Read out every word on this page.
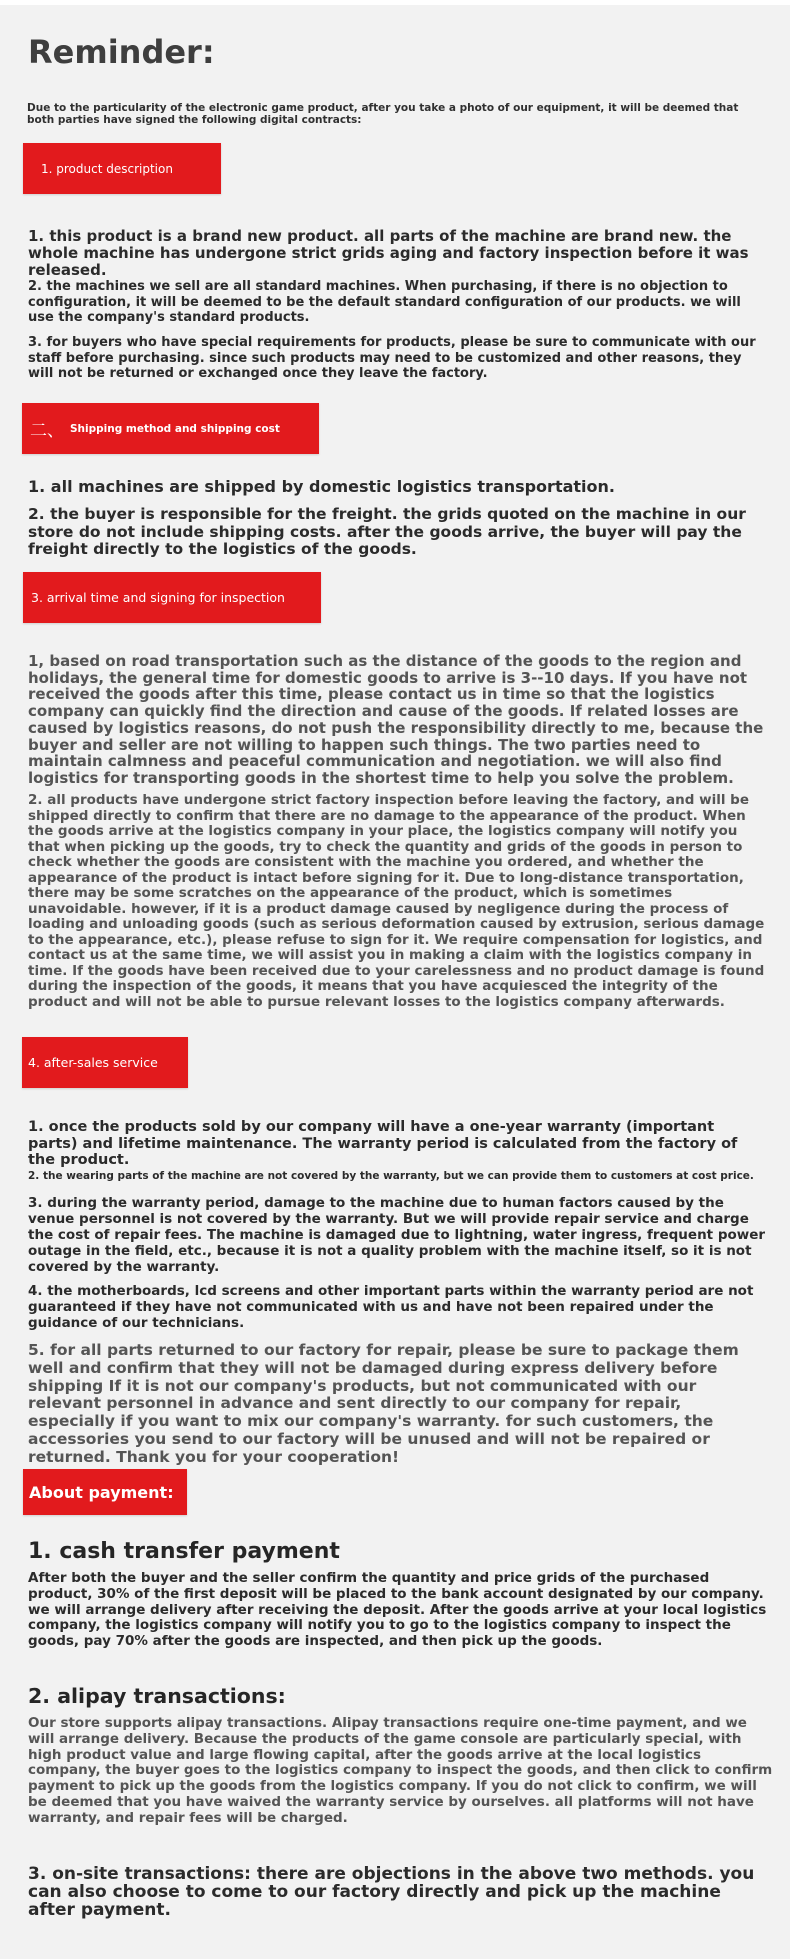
Reminder:

Due to the particularity of the electronic game product, after you take a photo of our equipment, it will be deemed that both parties have signed the following digital contracts:

1. product description

1. this product is a brand new product. all parts of the machine are brand new. the whole machine has undergone strict grids aging and factory inspection before it was released.

2. the machines we sell are all standard machines. When purchasing, if there is no objection to configuration, it will be deemed to be the default standard configuration of our products. we will use the company's standard products.

3. for buyers who have special requirements for products, please be sure to communicate with our staff before purchasing. since such products may need to be customized and other reasons, they will not be returned or exchanged once they leave the factory.

二、 Shipping method and shipping cost

1. all machines are shipped by domestic logistics transportation.

2. the buyer is responsible for the freight. the grids quoted on the machine in our store do not include shipping costs. after the goods arrive, the buyer will pay the freight directly to the logistics of the goods.

3. arrival time and signing for inspection

1, based on road transportation such as the distance of the goods to the region and holidays, the general time for domestic goods to arrive is 3--10 days. If you have not received the goods after this time, please contact us in time so that the logistics company can quickly find the direction and cause of the goods. If related losses are caused by logistics reasons, do not push the responsibility directly to me, because the buyer and seller are not willing to happen such things. The two parties need to maintain calmness and peaceful communication and negotiation. we will also find logistics for transporting goods in the shortest time to help you solve the problem.

2. all products have undergone strict factory inspection before leaving the factory, and will be shipped directly to confirm that there are no damage to the appearance of the product. When the goods arrive at the logistics company in your place, the logistics company will notify you that when picking up the goods, try to check the quantity and grids of the goods in person to check whether the goods are consistent with the machine you ordered, and whether the appearance of the product is intact before signing for it. Due to long-distance transportation, there may be some scratches on the appearance of the product, which is sometimes unavoidable. however, if it is a product damage caused by negligence during the process of loading and unloading goods (such as serious deformation caused by extrusion, serious damage to the appearance, etc.), please refuse to sign for it. We require compensation for logistics, and contact us at the same time, we will assist you in making a claim with the logistics company in time. If the goods have been received due to your carelessness and no product damage is found during the inspection of the goods, it means that you have acquiesced the integrity of the product and will not be able to pursue relevant losses to the logistics company afterwards.

4. after-sales service

1. once the products sold by our company will have a one-year warranty (important parts) and lifetime maintenance. The warranty period is calculated from the factory of the product.

2. the wearing parts of the machine are not covered by the warranty, but we can provide them to customers at cost price.

3. during the warranty period, damage to the machine due to human factors caused by the venue personnel is not covered by the warranty. But we will provide repair service and charge the cost of repair fees. The machine is damaged due to lightning, water ingress, frequent power outage in the field, etc., because it is not a quality problem with the machine itself, so it is not covered by the warranty.

4. the motherboards, lcd screens and other important parts within the warranty period are not guaranteed if they have not communicated with us and have not been repaired under the guidance of our technicians.

5. for all parts returned to our factory for repair, please be sure to package them well and confirm that they will not be damaged during express delivery before shipping If it is not our company's products, but not communicated with our relevant personnel in advance and sent directly to our company for repair, especially if you want to mix our company's warranty. for such customers, the accessories you send to our factory will be unused and will not be repaired or returned. Thank you for your cooperation!

About payment:

1. cash transfer payment

After both the buyer and the seller confirm the quantity and price grids of the purchased product, 30% of the first deposit will be placed to the bank account designated by our company. we will arrange delivery after receiving the deposit. After the goods arrive at your local logistics company, the logistics company will notify you to go to the logistics company to inspect the goods, pay 70% after the goods are inspected, and then pick up the goods.

2. alipay transactions:

Our store supports alipay transactions. Alipay transactions require one-time payment, and we will arrange delivery. Because the products of the game console are particularly special, with high product value and large flowing capital, after the goods arrive at the local logistics company, the buyer goes to the logistics company to inspect the goods, and then click to confirm payment to pick up the goods from the logistics company. If you do not click to confirm, we will be deemed that you have waived the warranty service by ourselves. all platforms will not have warranty, and repair fees will be charged.

3. on-site transactions: there are objections in the above two methods. you can also choose to come to our factory directly and pick up the machine after payment.
